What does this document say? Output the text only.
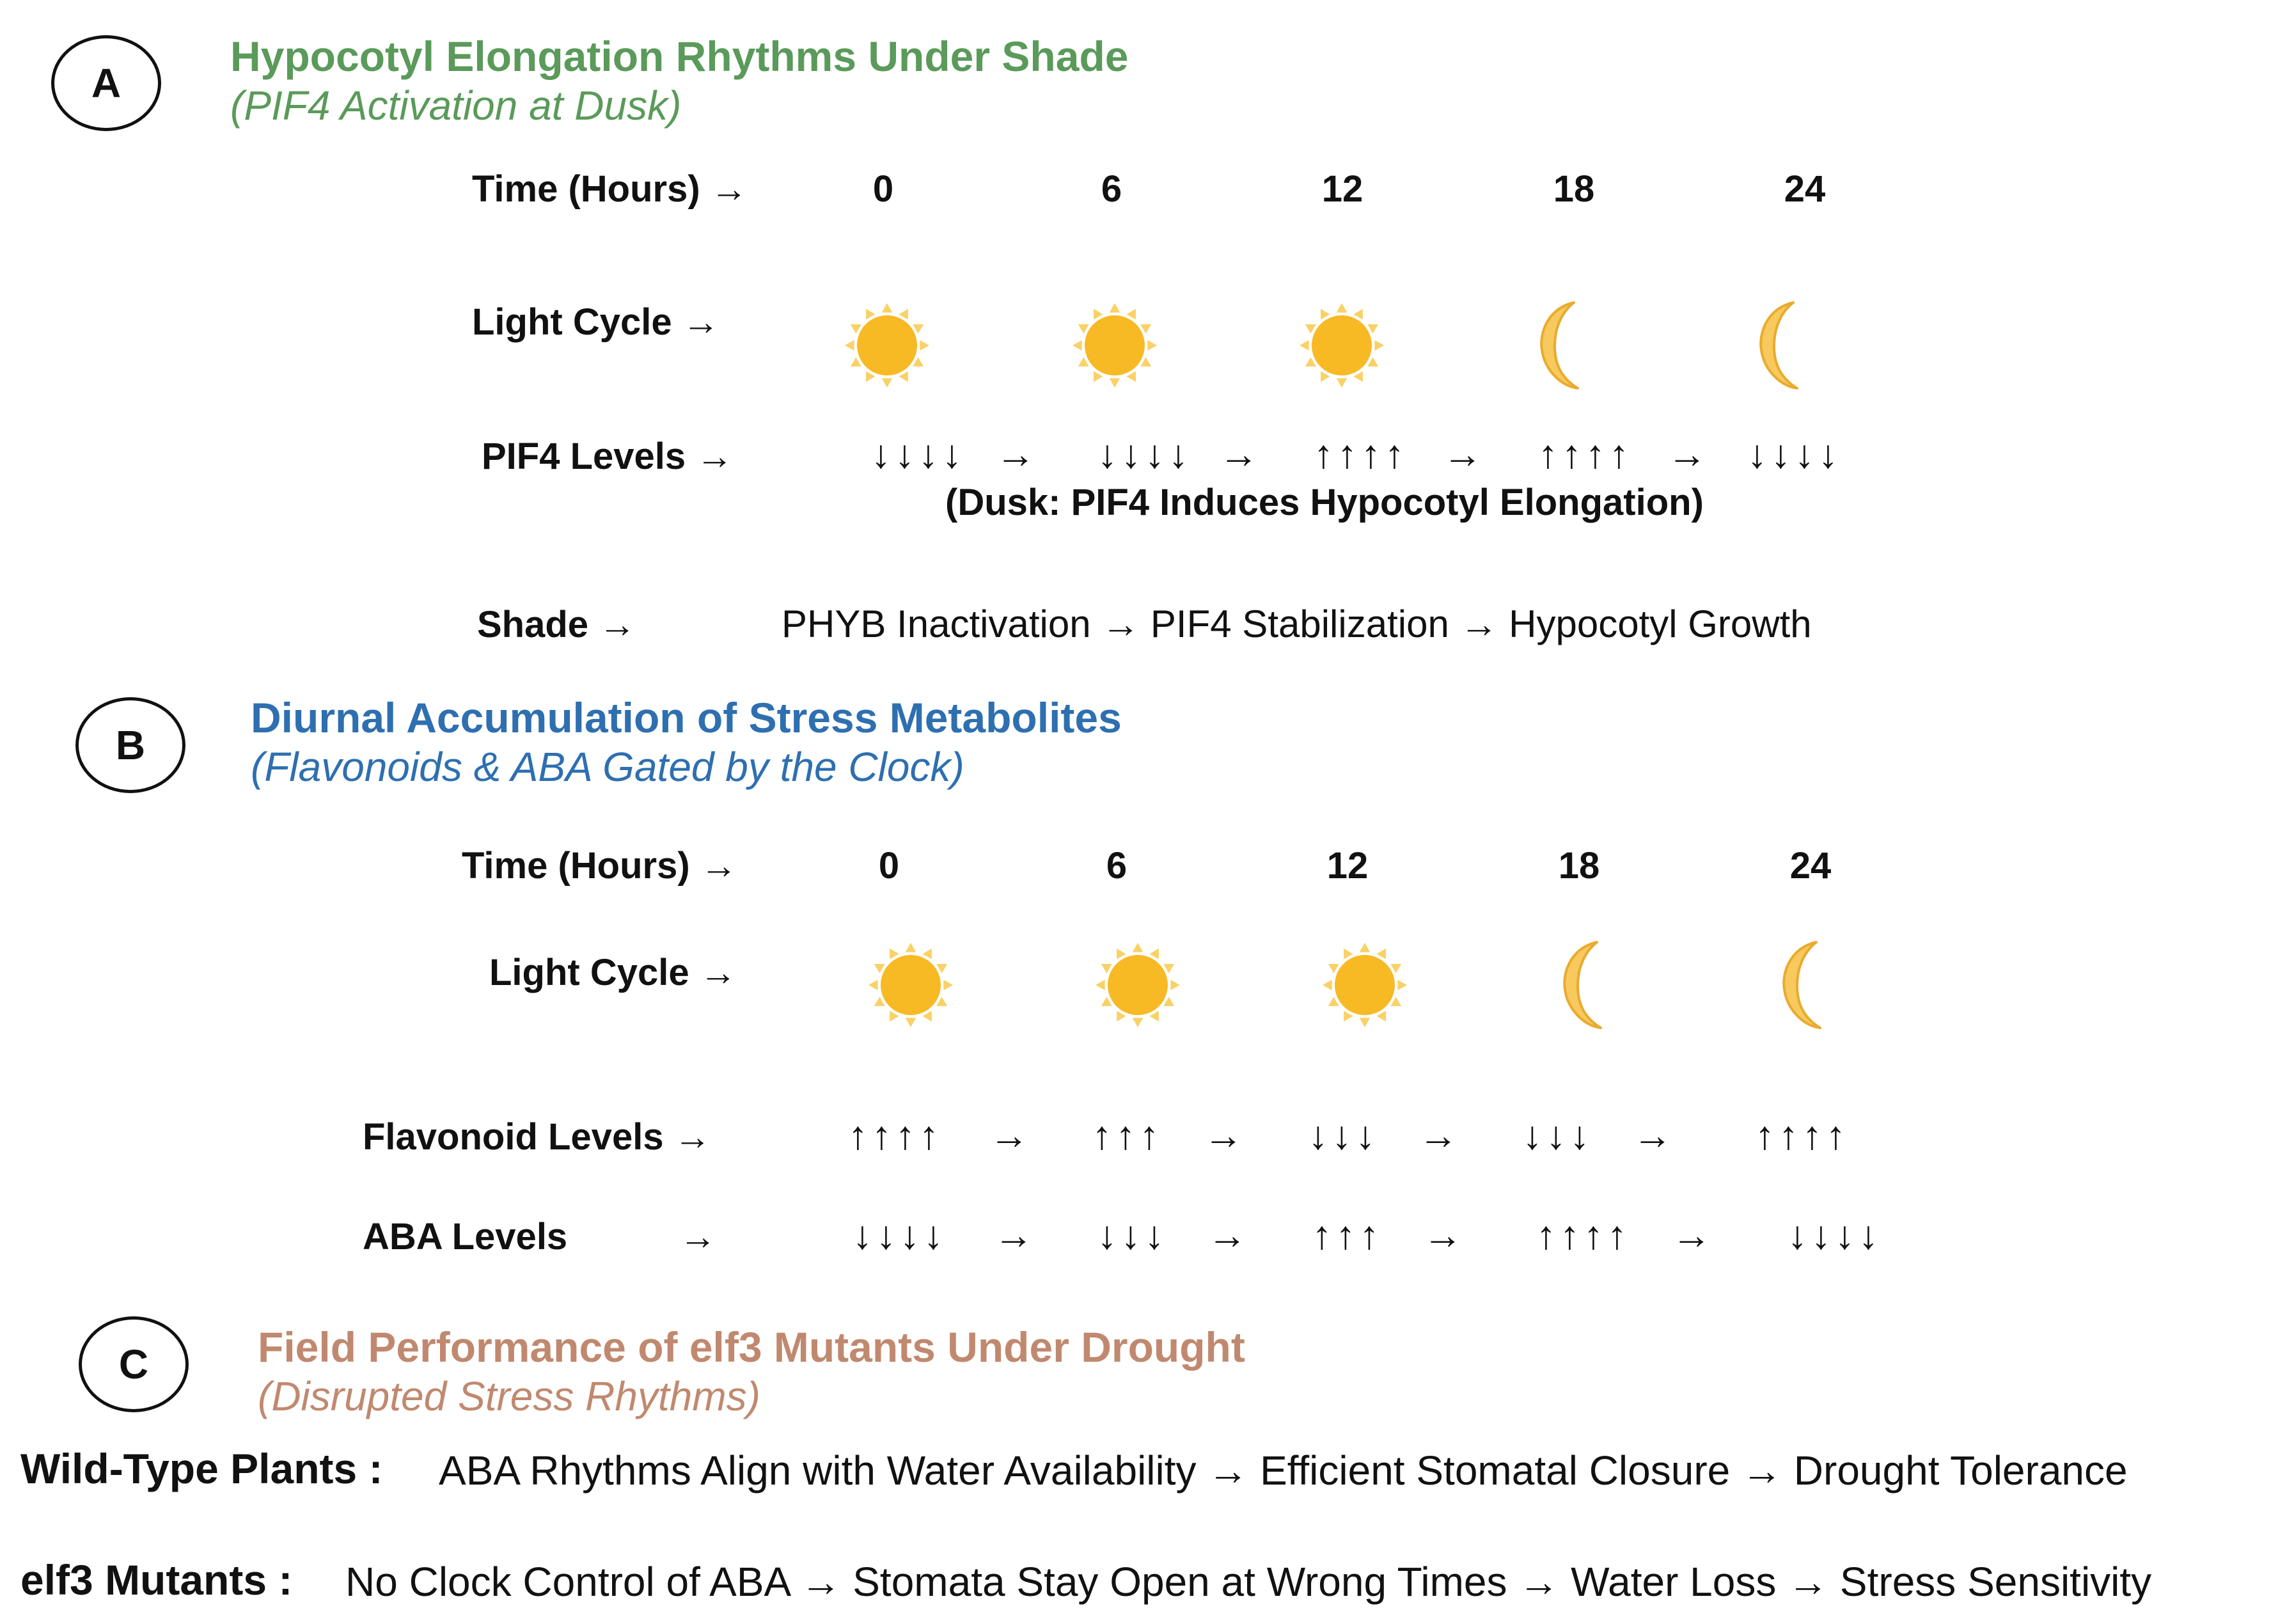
A
Hypocotyl Elongation Rhythms Under Shade
(PIF4 Activation at Dusk)
Time (Hours) →	0	6	12	18	24
Light Cycle →
PIF4 Levels →	↓↓↓↓ → ↓↓↓↓ → ↑↑↑↑ → ↑↑↑↑ → ↓↓↓↓
(Dusk: PIF4 Induces Hypocotyl Elongation)
Shade →	PHYB Inactivation → PIF4 Stabilization → Hypocotyl Growth
B
Diurnal Accumulation of Stress Metabolites
(Flavonoids & ABA Gated by the Clock)
Time (Hours) →	0	6	12	18	24
Light Cycle →
Flavonoid Levels →	↑↑↑↑ → ↑↑↑ → ↓↓↓ → ↓↓↓ → ↑↑↑↑
ABA Levels	→	↓↓↓↓ → ↓↓↓ → ↑↑↑ → ↑↑↑↑ → ↓↓↓↓
C	Field Performance of elf3 Mutants Under Drought
(Disrupted Stress Rhythms)
Wild-Type Plants : ABA Rhythms Align with Water Availability → Efficient Stomatal Closure → Drought Tolerance
elf3 Mutants : No Clock Control of ABA → Stomata Stay Open at Wrong Times → Water Loss → Stress Sensitivity
